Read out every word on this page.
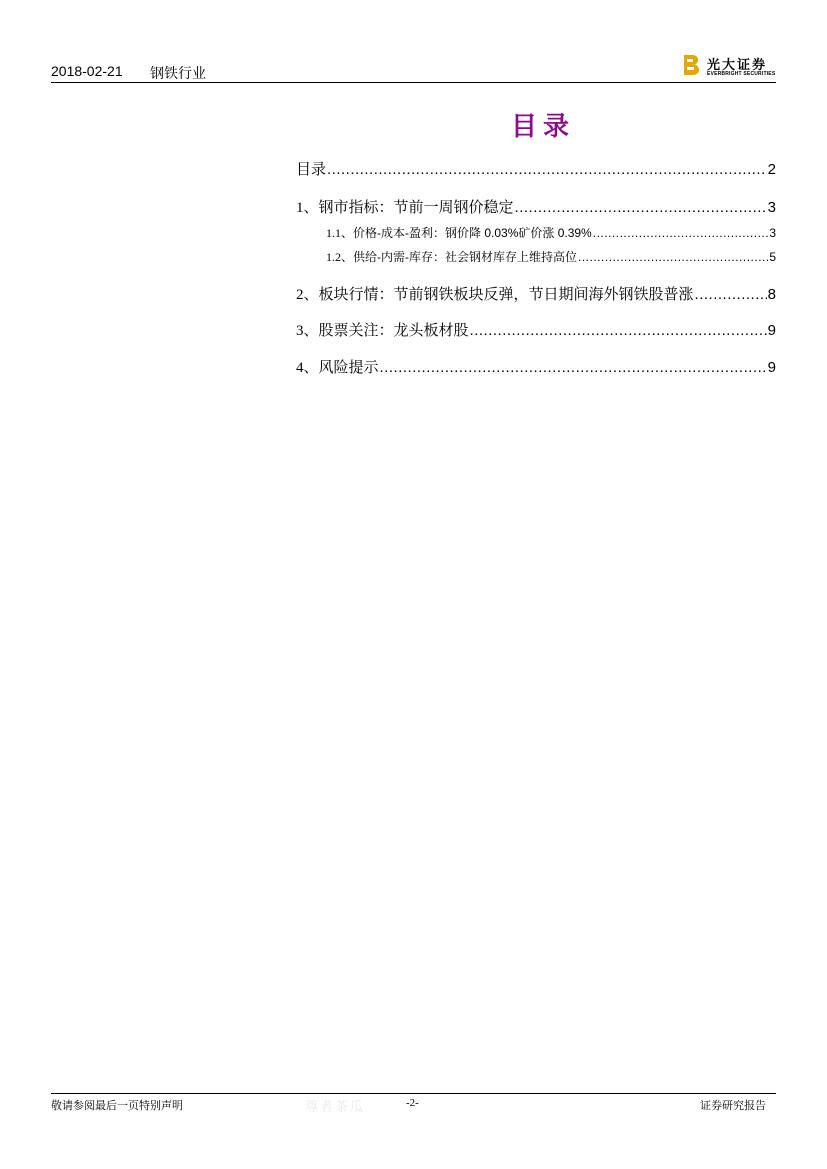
2018-02-21 钢铁行业	光大证券
EVERBRIGHT SECURITIES
目录
目录 .....	2
1、 钢市指标：节前一周钢价稳定 .....	3
1.1、 价格-成本-盈利：钢价降 0.03%矿价涨 0.39% .....	3
1.2、 供给-内需-库存：社会钢材库存上维持高位 .....	5
2、 板块行情：节前钢铁板块反弹，节日期间海外钢铁股普涨 .....	8
3、 股票关注：龙头板材股 .....	9
4、 风险提示 .....	9
敬请参阅最后一页特别声明	尊者茶瓜	-2-	证券研究报告
